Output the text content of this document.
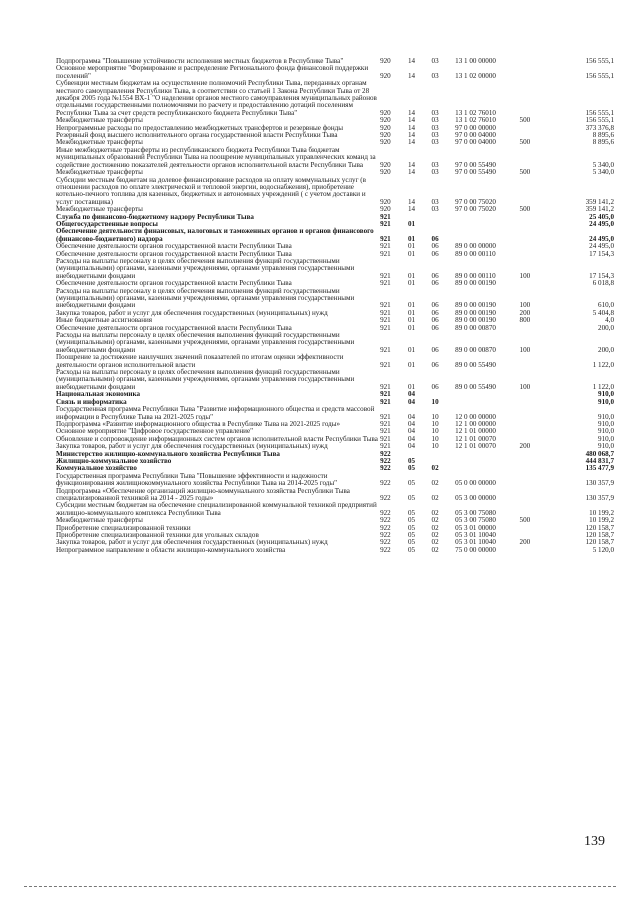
Подпрограмма "Повышение устойчивости исполнения местных бюджетов в Республике Тыва"	920	14	03	13 1 00 00000		156 555,1
Основное мероприятие "Формирование и распределение Регионального фонда финансовой поддержки поселений"	920	14	03	13 1 02 00000		156 555,1
Субвенции местным бюджетам на осуществление полномочий Республики Тыва, переданных органам местного самоуправления Республики Тыва, в соответствии со статьей 1 Закона Республики Тыва от 28 декабря 2005 года №1554 ВХ-1 "О наделении органов местного самоуправления муниципальных районов отдельными государственными полномочиями по расчету и предоставлению дотаций поселениям Республики Тыва за счет средств республиканского бюджета Республики Тыва"	920	14	03	13 1 02 76010		156 555,1
Межбюджетные трансферты	920	14	03	13 1 02 76010	500	156 555,1
Непрограммные расходы по предоставлению межбюджетных трансфертов и резервные фонды	920	14	03	97 0 00 00000		373 376,8
Резервный фонд высшего исполнительного органа государственной власти Республики Тыва	920	14	03	97 0 00 04000		8 895,6
Межбюджетные трансферты	920	14	03	97 0 00 04000	500	8 895,6
Иные межбюджетные трансферты из республиканского бюджета Республики Тыва бюджетам муниципальных образований Республики Тыва на поощрение муниципальных управленческих команд за содействие достижению показателей деятельности органов исполнительной власти Республики Тыва	920	14	03	97 0 00 55490		5 340,0
Межбюджетные трансферты	920	14	03	97 0 00 55490	500	5 340,0
Субсидии местным бюджетам на долевое финансирование расходов на оплату коммунальных услуг (в отношении расходов по оплате электрической и тепловой энергии, водоснабжения), приобретение котельно-печного топлива для казенных, бюджетных и автономных учреждений ( с учетом доставки и услуг поставщика)	920	14	03	97 0 00 75020		359 141,2
Межбюджетные трансферты	920	14	03	97 0 00 75020	500	359 141,2
Служба по финансово-бюджетному надзору Республики Тыва	921					25 405,0
Общегосударственные вопросы	921	01				24 495,0
Обеспечение деятельности финансовых, налоговых и таможенных органов и органов финансового (финансово-бюджетного) надзора	921	01	06			24 495,0
Обеспечение деятельности органов государственной власти Республики Тыва	921	01	06	89 0 00 00000		24 495,0
Обеспечение деятельности органов государственной власти Республики Тыва	921	01	06	89 0 00 00110		17 154,3
Расходы на выплаты персоналу в целях обеспечения выполнения функций государственными (муниципальными) органами, казенными учреждениями, органами управления государственными внебюджетными фондами	921	01	06	89 0 00 00110	100	17 154,3
Обеспечение деятельности органов государственной власти Республики Тыва	921	01	06	89 0 00 00190		6 018,8
Расходы на выплаты персоналу в целях обеспечения выполнения функций государственными (муниципальными) органами, казенными учреждениями, органами управления государственными внебюджетными фондами	921	01	06	89 0 00 00190	100	610,0
Закупка товаров, работ и услуг для обеспечения государственных (муниципальных) нужд	921	01	06	89 0 00 00190	200	5 404,8
Иные бюджетные ассигнования	921	01	06	89 0 00 00190	800	4,0
Обеспечение деятельности органов государственной власти Республики Тыва	921	01	06	89 0 00 00870		200,0
Расходы на выплаты персоналу в целях обеспечения выполнения функций государственными (муниципальными) органами, казенными учреждениями, органами управления государственными внебюджетными фондами	921	01	06	89 0 00 00870	100	200,0
Поощрение за достижение наилучших значений показателей по итогам оценки эффективности деятельности органов исполнительной власти	921	01	06	89 0 00 55490		1 122,0
Расходы на выплаты персоналу в целях обеспечения выполнения функций государственными (муниципальными) органами, казенными учреждениями, органами управления государственными внебюджетными фондами	921	01	06	89 0 00 55490	100	1 122,0
Национальная экономика	921	04				910,0
Связь и информатика	921	04	10			910,0
Государственная программа Республики Тыва "Развитие информационного общества и средств массовой информации в Республике Тыва на 2021-2025 годы"	921	04	10	12 0 00 00000		910,0
Подпрограмма «Развитие информационного общества в Республике Тыва на 2021-2025 годы»	921	04	10	12 1 00 00000		910,0
Основное мероприятие "Цифровое государственное управление"	921	04	10	12 1 01 00000		910,0
Обновление и сопровождение информационных систем органов исполнительной власти Республики Тыва	921	04	10	12 1 01 00070		910,0
Закупка товаров, работ и услуг для обеспечения государственных (муниципальных) нужд	921	04	10	12 1 01 00070	200	910,0
Министерство жилищно-коммунального хозяйства Республики Тыва	922					480 068,7
Жилищно-коммунальное хозяйство	922	05				444 831,7
Коммунальное хозяйство	922	05	02			135 477,9
Государственная программа Республики Тыва "Повышение эффективности и надежности функционирования жилищнокоммунального хозяйства Республики Тыва на 2014-2025 годы"	922	05	02	05 0 00 00000		130 357,9
Подпрограмма «Обеспечение организаций жилищно-коммунального хозяйства Республики Тыва специализированной техникой на 2014 - 2025 годы»	922	05	02	05 3 00 00000		130 357,9
Субсидии местным бюджетам на обеспечение специализированной коммунальной техникой предприятий жилищно-коммунального комплекса Республики Тыва	922	05	02	05 3 00 75080		10 199,2
Межбюджетные трансферты	922	05	02	05 3 00 75080	500	10 199,2
Приобретение специализированной техники	922	05	02	05 3 01 00000		120 158,7
Приобретение специализированной техники для угольных складов	922	05	02	05 3 01 10040		120 158,7
Закупка товаров, работ и услуг для обеспечения государственных (муниципальных) нужд	922	05	02	05 3 01 10040	200	120 158,7
Непрограммное направление в области жилищно-коммунального хозяйства	922	05	02	75 0 00 00000		5 120,0
139
